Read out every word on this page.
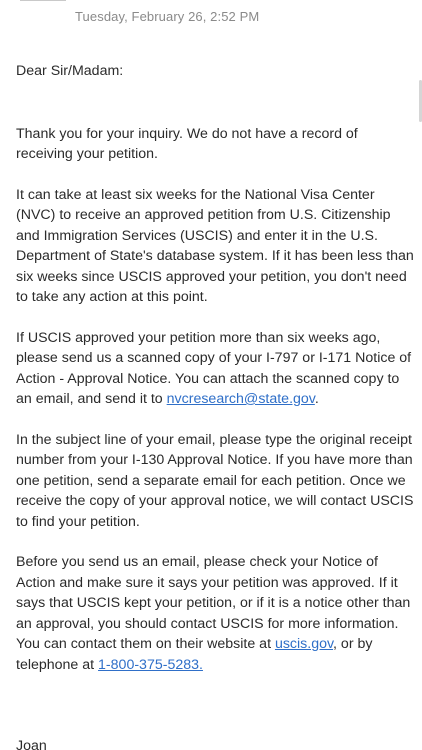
Tuesday, February 26, 2:52 PM

Dear Sir/Madam:

Thank you for your inquiry. We do not have a record of receiving your petition.

It can take at least six weeks for the National Visa Center (NVC) to receive an approved petition from U.S. Citizenship and Immigration Services (USCIS) and enter it in the U.S. Department of State's database system. If it has been less than six weeks since USCIS approved your petition, you don't need to take any action at this point.

If USCIS approved your petition more than six weeks ago, please send us a scanned copy of your I-797 or I-171 Notice of Action - Approval Notice. You can attach the scanned copy to an email, and send it to nvcresearch@state.gov.

In the subject line of your email, please type the original receipt number from your I-130 Approval Notice. If you have more than one petition, send a separate email for each petition. Once we receive the copy of your approval notice, we will contact USCIS to find your petition.

Before you send us an email, please check your Notice of Action and make sure it says your petition was approved. If it says that USCIS kept your petition, or if it is a notice other than an approval, you should contact USCIS for more information. You can contact them on their website at uscis.gov, or by telephone at 1-800-375-5283.

Joan
